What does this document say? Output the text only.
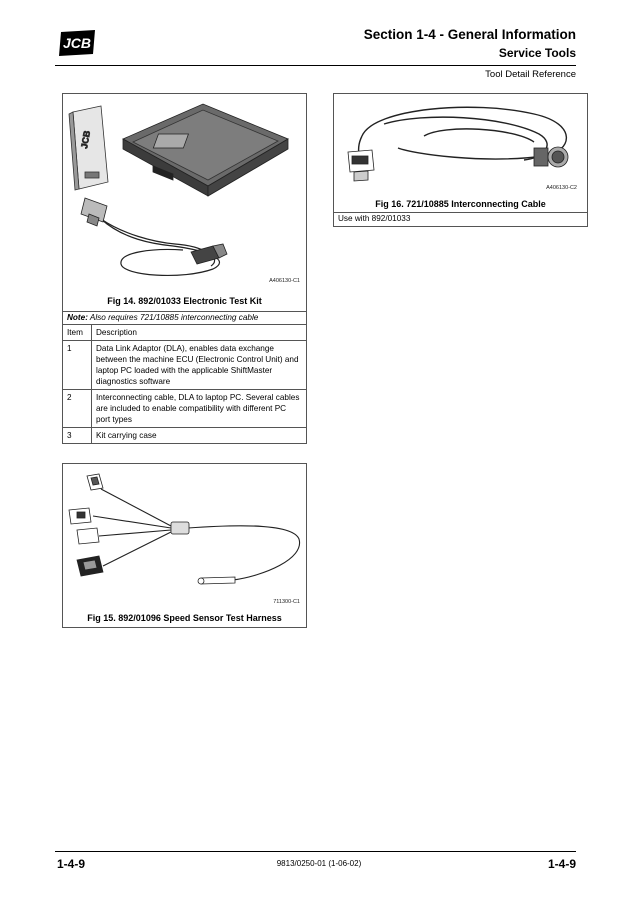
JCB
Section 1-4 - General Information
Service Tools
Tool Detail Reference
JCB
A406130-C1
Fig 14. 892/01033 Electronic Test Kit
Note: Also requires 721/10885 interconnecting cable
Item	Description
1	Data Link Adaptor (DLA), enables data exchange between the machine ECU (Electronic Control Unit) and laptop PC loaded with the applicable ShiftMaster diagnostics software
2	Interconnecting cable, DLA to laptop PC. Several cables are included to enable compatibility with different PC port types
3	Kit carrying case
711300-C1
Fig 15. 892/01096 Speed Sensor Test Harness
A406130-C2
Fig 16. 721/10885 Interconnecting Cable
Use with 892/01033
1-4-9	9813/0250-01 (1-06-02)	1-4-9
